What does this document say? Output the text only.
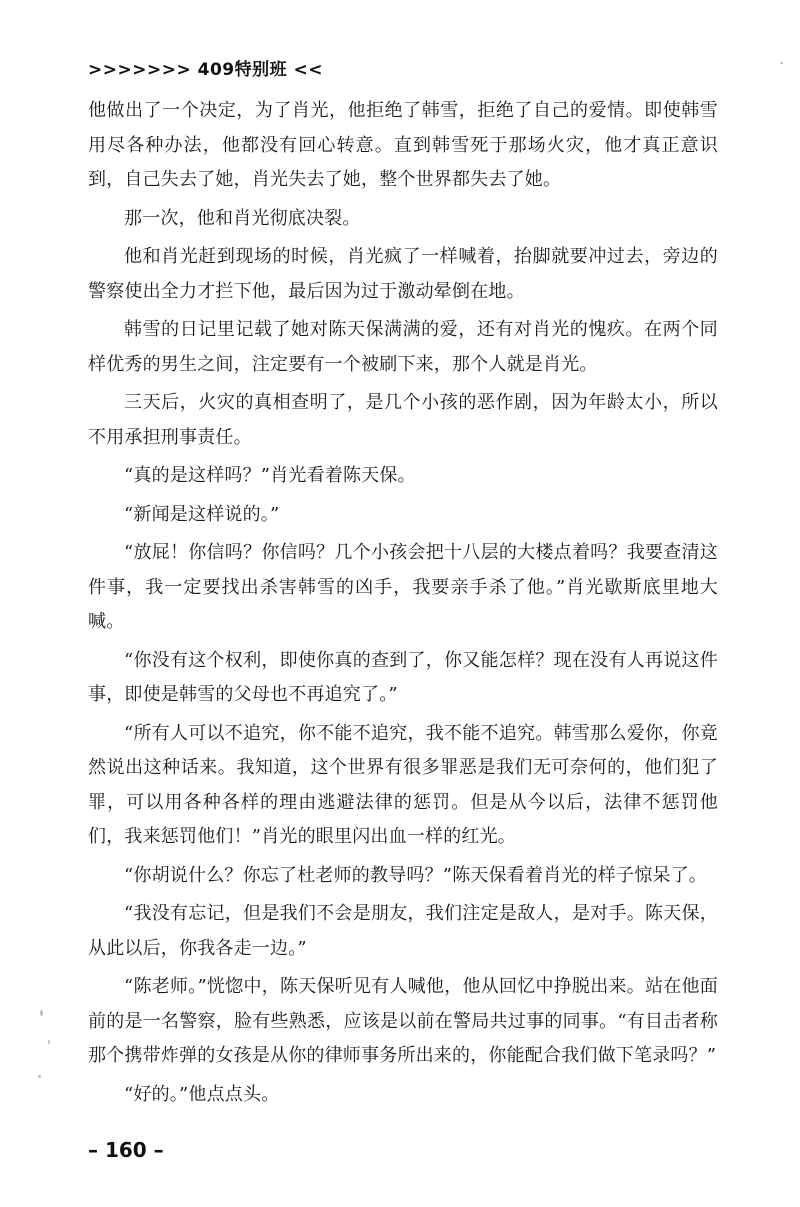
>>>>>>> 409特别班 <<

他做出了一个决定，为了肖光，他拒绝了韩雪，拒绝了自己的爱情。即使韩雪用尽各种办法，他都没有回心转意。直到韩雪死于那场火灾，他才真正意识到，自己失去了她，肖光失去了她，整个世界都失去了她。

那一次，他和肖光彻底决裂。

他和肖光赶到现场的时候，肖光疯了一样喊着，抬脚就要冲过去，旁边的警察使出全力才拦下他，最后因为过于激动晕倒在地。

韩雪的日记里记载了她对陈天保满满的爱，还有对肖光的愧疚。在两个同样优秀的男生之间，注定要有一个被刷下来，那个人就是肖光。

三天后，火灾的真相查明了，是几个小孩的恶作剧，因为年龄太小，所以不用承担刑事责任。

“真的是这样吗？”肖光看着陈天保。

“新闻是这样说的。”

“放屁！你信吗？你信吗？几个小孩会把十八层的大楼点着吗？我要查清这件事，我一定要找出杀害韩雪的凶手，我要亲手杀了他。”肖光歇斯底里地大喊。

“你没有这个权利，即使你真的查到了，你又能怎样？现在没有人再说这件事，即使是韩雪的父母也不再追究了。”

“所有人可以不追究，你不能不追究，我不能不追究。韩雪那么爱你，你竟然说出这种话来。我知道，这个世界有很多罪恶是我们无可奈何的，他们犯了罪，可以用各种各样的理由逃避法律的惩罚。但是从今以后，法律不惩罚他们，我来惩罚他们！”肖光的眼里闪出血一样的红光。

“你胡说什么？你忘了杜老师的教导吗？”陈天保看着肖光的样子惊呆了。

“我没有忘记，但是我们不会是朋友，我们注定是敌人，是对手。陈天保，从此以后，你我各走一边。”

“陈老师。”恍惚中，陈天保听见有人喊他，他从回忆中挣脱出来。站在他面前的是一名警察，脸有些熟悉，应该是以前在警局共过事的同事。“有目击者称那个携带炸弹的女孩是从你的律师事务所出来的，你能配合我们做下笔录吗？”

“好的。”他点点头。

– 160 –
